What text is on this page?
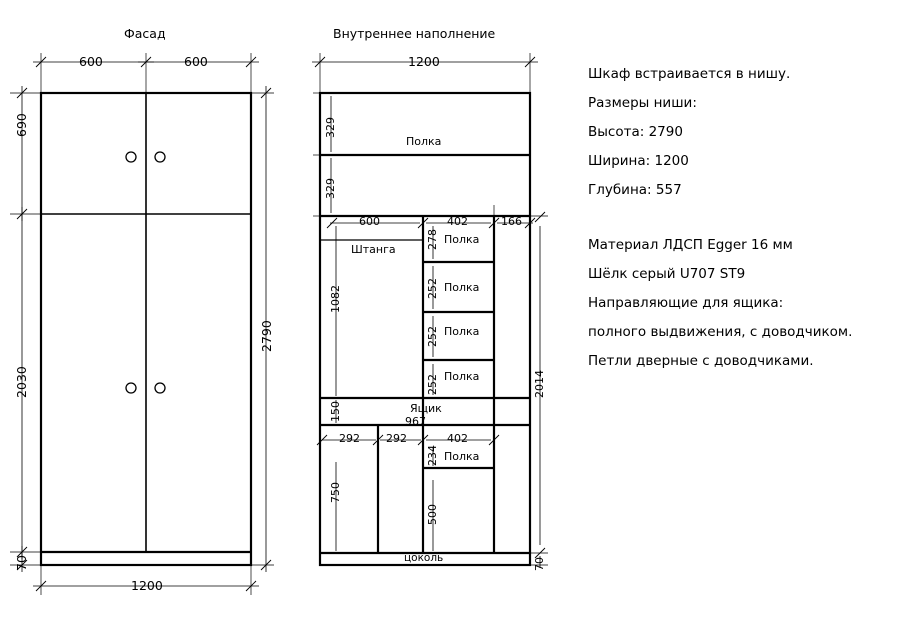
Фасад	Внутреннее наполнение
600	600
1200
690
2030
70
2790
1200
329
329
600	402	166
1082
278
252
252
252
150	967
292 292
234
402
750
500
2014
70
Полка
Штанга
Полка
Полка
Полка
Полка
Ящик
Полка
цоколь
Шкаф встраивается в нишу.
Размеры ниши:
Высота: 2790
Ширина: 1200
Глубина: 557

Материал ЛДСП Egger 16 мм
Шёлк серый U707 ST9
Направляющие для ящика:
полного выдвижения, с доводчиком.
Петли дверные с доводчиками.
